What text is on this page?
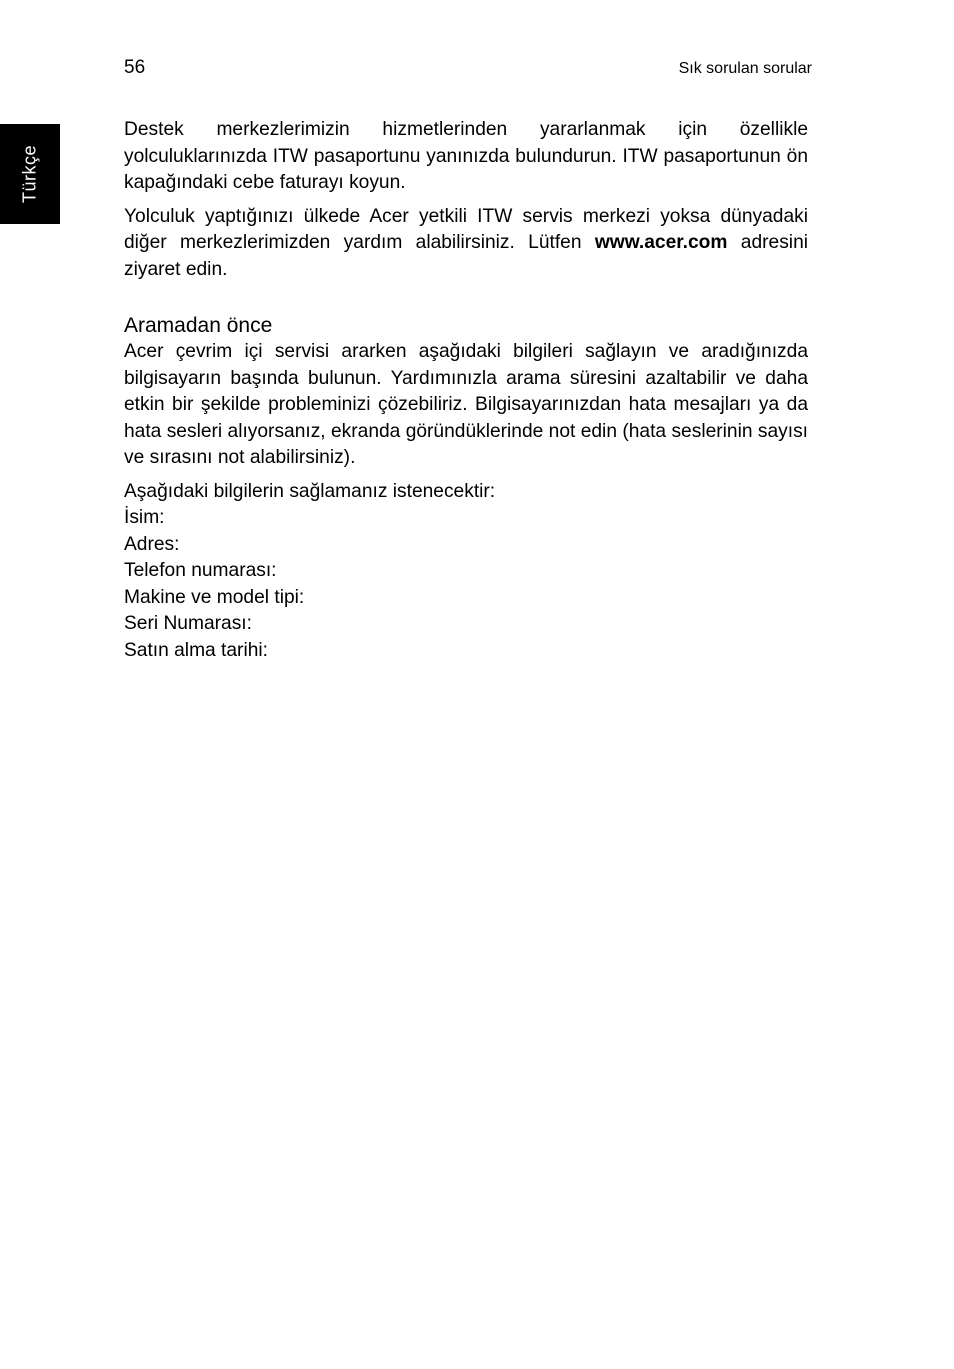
56	Sık sorulan sorular
Türkçe

Destek merkezlerimizin hizmetlerinden yararlanmak için özellikle yolculuklarınızda ITW pasaportunu yanınızda bulundurun. ITW pasaportunun ön kapağındaki cebe faturayı koyun.

Yolculuk yaptığınızı ülkede Acer yetkili ITW servis merkezi yoksa dünyadaki diğer merkezlerimizden yardım alabilirsiniz. Lütfen www.acer.com adresini ziyaret edin.

Aramadan önce

Acer çevrim içi servisi ararken aşağıdaki bilgileri sağlayın ve aradığınızda bilgisayarın başında bulunun. Yardımınızla arama süresini azaltabilir ve daha etkin bir şekilde probleminizi çözebiliriz. Bilgisayarınızdan hata mesajları ya da hata sesleri alıyorsanız, ekranda göründüklerinde not edin (hata seslerinin sayısı ve sırasını not alabilirsiniz).

Aşağıdaki bilgilerin sağlamanız istenecektir:
İsim:
Adres:
Telefon numarası:
Makine ve model tipi:
Seri Numarası:
Satın alma tarihi:
